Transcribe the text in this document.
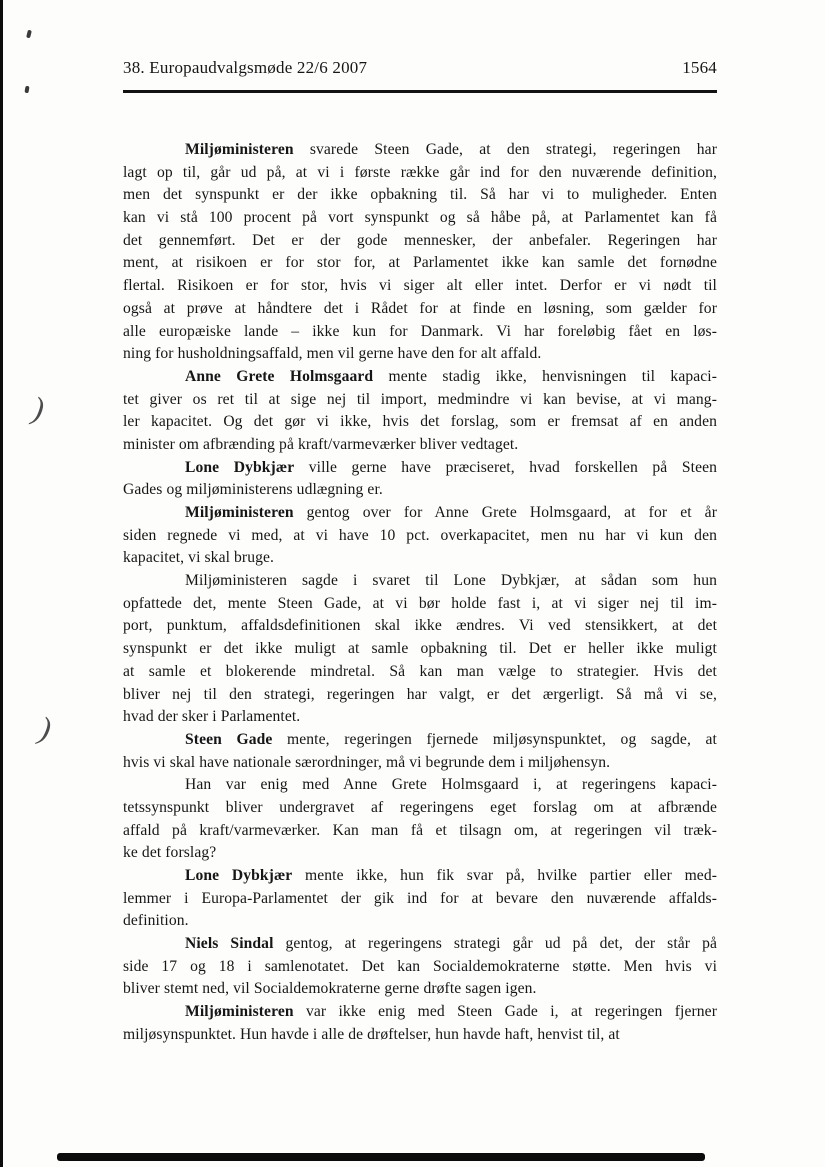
)
)
38. Europaudvalgsmøde 22/6 2007	1564
Miljøministeren svarede Steen Gade, at den strategi, regeringen har
lagt op til, går ud på, at vi i første række går ind for den nuværende definition,
men det synspunkt er der ikke opbakning til. Så har vi to muligheder. Enten
kan vi stå 100 procent på vort synspunkt og så håbe på, at Parlamentet kan få
det gennemført. Det er der gode mennesker, der anbefaler. Regeringen har
ment, at risikoen er for stor for, at Parlamentet ikke kan samle det fornødne
flertal. Risikoen er for stor, hvis vi siger alt eller intet. Derfor er vi nødt til
også at prøve at håndtere det i Rådet for at finde en løsning, som gælder for
alle europæiske lande – ikke kun for Danmark. Vi har foreløbig fået en løs-
ning for husholdningsaffald, men vil gerne have den for alt affald.
Anne Grete Holmsgaard mente stadig ikke, henvisningen til kapaci-
tet giver os ret til at sige nej til import, medmindre vi kan bevise, at vi mang-
ler kapacitet. Og det gør vi ikke, hvis det forslag, som er fremsat af en anden
minister om afbrænding på kraft/varmeværker bliver vedtaget.
Lone Dybkjær ville gerne have præciseret, hvad forskellen på Steen
Gades og miljøministerens udlægning er.
Miljøministeren gentog over for Anne Grete Holmsgaard, at for et år
siden regnede vi med, at vi have 10 pct. overkapacitet, men nu har vi kun den
kapacitet, vi skal bruge.
Miljøministeren sagde i svaret til Lone Dybkjær, at sådan som hun
opfattede det, mente Steen Gade, at vi bør holde fast i, at vi siger nej til im-
port, punktum, affaldsdefinitionen skal ikke ændres. Vi ved stensikkert, at det
synspunkt er det ikke muligt at samle opbakning til. Det er heller ikke muligt
at samle et blokerende mindretal. Så kan man vælge to strategier. Hvis det
bliver nej til den strategi, regeringen har valgt, er det ærgerligt. Så må vi se,
hvad der sker i Parlamentet.
Steen Gade mente, regeringen fjernede miljøsynspunktet, og sagde, at
hvis vi skal have nationale særordninger, må vi begrunde dem i miljøhensyn.
Han var enig med Anne Grete Holmsgaard i, at regeringens kapaci-
tetssynspunkt bliver undergravet af regeringens eget forslag om at afbrænde
affald på kraft/varmeværker. Kan man få et tilsagn om, at regeringen vil træk-
ke det forslag?
Lone Dybkjær mente ikke, hun fik svar på, hvilke partier eller med-
lemmer i Europa-Parlamentet der gik ind for at bevare den nuværende affalds-
definition.
Niels Sindal gentog, at regeringens strategi går ud på det, der står på
side 17 og 18 i samlenotatet. Det kan Socialdemokraterne støtte. Men hvis vi
bliver stemt ned, vil Socialdemokraterne gerne drøfte sagen igen.
Miljøministeren var ikke enig med Steen Gade i, at regeringen fjerner
miljøsynspunktet. Hun havde i alle de drøftelser, hun havde haft, henvist til, at
